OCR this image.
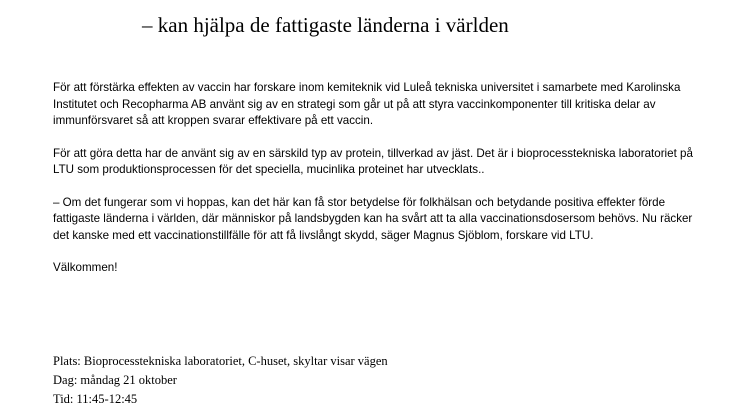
– kan hjälpa de fattigaste länderna i världen

För att förstärka effekten av vaccin har forskare inom kemiteknik vid Luleå tekniska universitet i samarbete med Karolinska Institutet och Recopharma AB använt sig av en strategi som går ut på att styra vaccinkomponenter till kritiska delar av immunförsvaret så att kroppen svarar effektivare på ett vaccin.

För att göra detta har de använt sig av en särskild typ av protein, tillverkad av jäst. Det är i bioprocesstekniska laboratoriet på LTU som produktionsprocessen för det speciella, mucinlika proteinet har utvecklats..

– Om det fungerar som vi hoppas, kan det här kan få stor betydelse för folkhälsan och betydande positiva effekter förde fattigaste länderna i världen, där människor på landsbygden kan ha svårt att ta alla vaccinationsdosersom behövs. Nu räcker det kanske med ett vaccinationstillfälle för att få livslångt skydd, säger Magnus Sjöblom, forskare vid LTU.

Välkommen!

Plats: Bioprocesstekniska laboratoriet, C-huset, skyltar visar vägen
Dag: måndag 21 oktober
Tid: 11:45-12:45
